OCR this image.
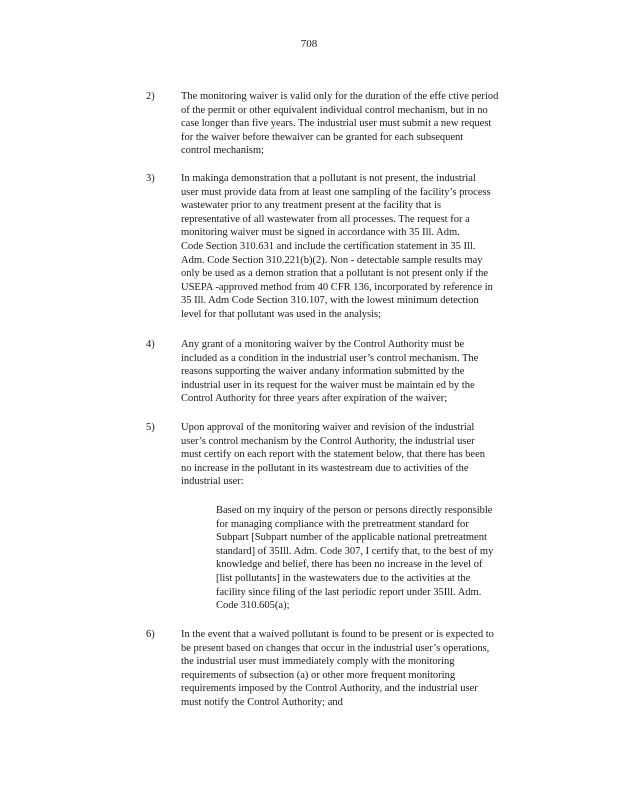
708
2)	The monitoring waiver is valid only for the duration of the effe ctive period
of the permit or other equivalent individual control mechanism, but in no
case longer than five years. The industrial user must submit a new request
for the waiver before thewaiver can be granted for each subsequent
control mechanism;
3)	In makinga demonstration that a pollutant is not present, the industrial
user must provide data from at least one sampling of the facility’s process
wastewater prior to any treatment present at the facility that is
representative of all wastewater from all processes. The request for a
monitoring waiver must be signed in accordance with 35 Ill. Adm.
Code Section 310.631 and include the certification statement in 35 Ill.
Adm. Code Section 310.221(b)(2). Non - detectable sample results may
only be used as a demon stration that a pollutant is not present only if the
USEPA -approved method from 40 CFR 136, incorporated by reference in
35 Ill. Adm Code Section 310.107, with the lowest minimum detection
level for that pollutant was used in the analysis;
4)	Any grant of a monitoring waiver by the Control Authority must be
included as a condition in the industrial user’s control mechanism. The
reasons supporting the waiver andany information submitted by the
industrial user in its request for the waiver must be maintain ed by the
Control Authority for three years after expiration of the waiver;
5)	Upon approval of the monitoring waiver and revision of the industrial
user’s control mechanism by the Control Authority, the industrial user
must certify on each report with the statement below, that there has been
no increase in the pollutant in its wastestream due to activities of the
industrial user:
Based on my inquiry of the person or persons directly responsible
for managing compliance with the pretreatment standard for
Subpart [Subpart number of the applicable national pretreatment
standard] of 35Ill. Adm. Code 307, I certify that, to the best of my
knowledge and belief, there has been no increase in the level of
[list pollutants] in the wastewaters due to the activities at the
facility since filing of the last periodic report under 35Ill. Adm.
Code 310.605(a);
6)	In the event that a waived pollutant is found to be present or is expected to
be present based on changes that occur in the industrial user’s operations,
the industrial user must immediately comply with the monitoring
requirements of subsection (a) or other more frequent monitoring
requirements imposed by the Control Authority, and the industrial user
must notify the Control Authority; and
